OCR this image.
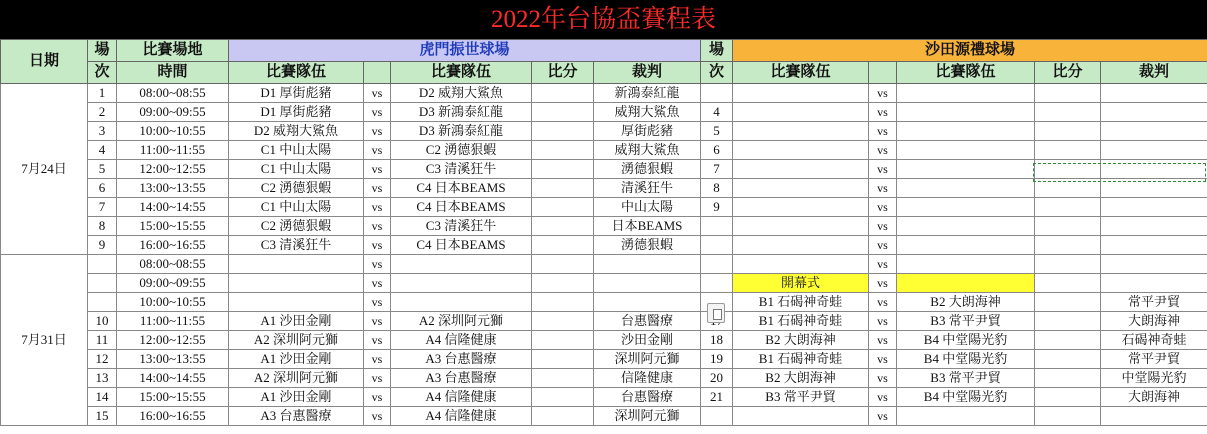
2022年台協盃賽程表
日期	場	比賽場地	虎門振世球場					場	沙田源禮球場				
	次	時間	比賽隊伍		比賽隊伍	比分	裁判	次	比賽隊伍		比賽隊伍	比分	裁判
7月24日	1	08:00~08:55	D1 厚街彪豬	vs	D2 威翔大鯊魚		新鴻泰紅龍			vs			
	2	09:00~09:55	D1 厚街彪豬	vs	D3 新鴻泰紅龍		威翔大鯊魚	4		vs			
	3	10:00~10:55	D2 威翔大鯊魚	vs	D3 新鴻泰紅龍		厚街彪豬	5		vs			
	4	11:00~11:55	C1 中山太陽	vs	C2 湧德狠蝦		威翔大鯊魚	6		vs			
	5	12:00~12:55	C1 中山太陽	vs	C3 清溪狂牛		湧德狠蝦	7		vs			
	6	13:00~13:55	C2 湧德狠蝦	vs	C4 日本BEAMS		清溪狂牛	8		vs			
	7	14:00~14:55	C1 中山太陽	vs	C4 日本BEAMS		中山太陽	9		vs			
	8	15:00~15:55	C2 湧德狠蝦	vs	C3 清溪狂牛		日本BEAMS			vs			
	9	16:00~16:55	C3 清溪狂牛	vs	C4 日本BEAMS		湧德狠蝦			vs			
7月31日		08:00~08:55		vs						vs			
		09:00~09:55		vs					開幕式	vs			
		10:00~10:55		vs					B1 石碣神奇蛙	vs	B2 大朗海神		常平尹貿
	10	11:00~11:55	A1 沙田金剛	vs	A2 深圳阿元獅		台惠醫療		B1 石碣神奇蛙	vs	B3 常平尹貿		大朗海神
	11	12:00~12:55	A2 深圳阿元獅	vs	A4 信隆健康		沙田金剛	18	B2 大朗海神	vs	B4 中堂陽光豹		石碣神奇蛙
	12	13:00~13:55	A1 沙田金剛	vs	A3 台惠醫療		深圳阿元獅	19	B1 石碣神奇蛙	vs	B4 中堂陽光豹		常平尹貿
	13	14:00~14:55	A2 深圳阿元獅	vs	A3 台惠醫療		信隆健康	20	B2 大朗海神	vs	B3 常平尹貿		中堂陽光豹
	14	15:00~15:55	A1 沙田金剛	vs	A4 信隆健康		台惠醫療	21	B3 常平尹貿	vs	B4 中堂陽光豹		大朗海神
	15	16:00~16:55	A3 台惠醫療	vs	A4 信隆健康		深圳阿元獅			vs			
